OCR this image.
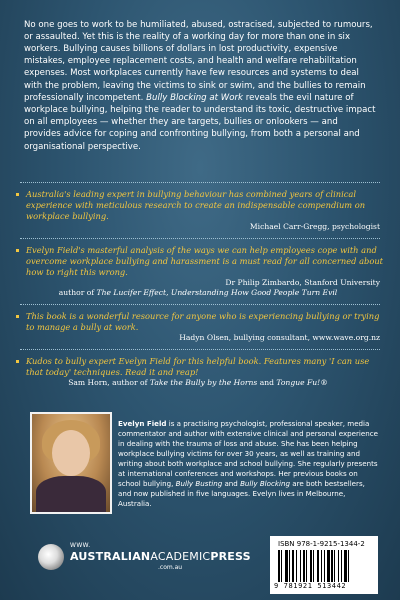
No one goes to work to be humiliated, abused, ostracised, subjected to rumours, or assaulted. Yet this is the reality of a working day for more than one in six workers. Bullying causes billions of dollars in lost productivity, expensive mistakes, employee replacement costs, and health and welfare rehabilitation expenses. Most workplaces currently have few resources and systems to deal with the problem, leaving the victims to sink or swim, and the bullies to remain professionally incompetent. Bully Blocking at Work reveals the evil nature of workplace bullying, helping the reader to understand its toxic, destructive impact on all employees — whether they are targets, bullies or onlookers — and provides advice for coping and confronting bullying, from both a personal and organisational perspective.

Australia's leading expert in bullying behaviour has combined years of clinical experience with meticulous research to create an indispensable compendium on workplace bullying.
Michael Carr-Gregg, psychologist
Evelyn Field's masterful analysis of the ways we can help employees cope with and overcome workplace bullying and harassment is a must read for all concerned about how to right this wrong.
Dr Philip Zimbardo, Stanford University
author of The Lucifer Effect, Understanding How Good People Turn Evil
This book is a wonderful resource for anyone who is experiencing bullying or trying to manage a bully at work.
Hadyn Olsen, bullying consultant, www.wave.org.nz
Kudos to bully expert Evelyn Field for this helpful book. Features many 'I can use that today' techniques. Read it and reap!
Sam Horn, author of Take the Bully by the Horns and Tongue Fu!®

Evelyn Field is a practising psychologist, professional speaker, media commentator and author with extensive clinical and personal experience in dealing with the trauma of loss and abuse. She has been helping workplace bullying victims for over 30 years, as well as training and writing about both workplace and school bullying. She regularly presents at international conferences and workshops. Her previous books on school bullying, Bully Busting and Bully Blocking are both bestsellers, and now published in five languages. Evelyn lives in Melbourne, Australia.

WWW.
AUSTRALIANACADEMICPRESS
.com.au
ISBN 978-1-9215-1344-2
9 781921 513442
